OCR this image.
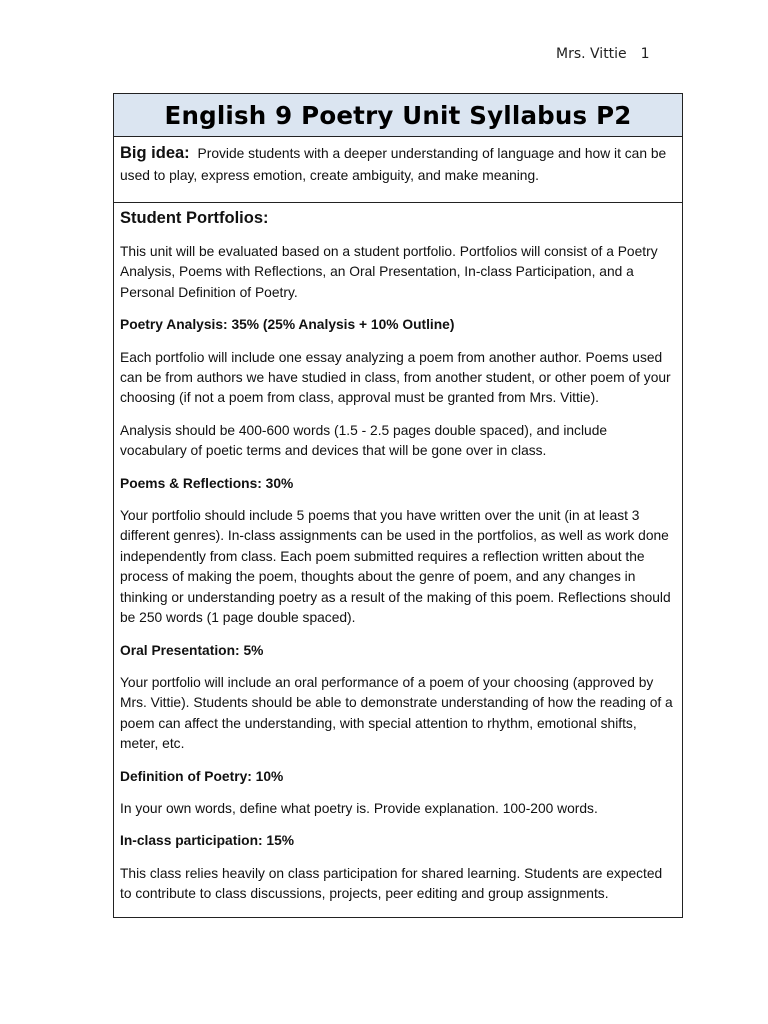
Mrs. Vittie 1
English 9 Poetry Unit Syllabus P2
Big idea: Provide students with a deeper understanding of language and how it can be used to play, express emotion, create ambiguity, and make meaning.
Student Portfolios:

This unit will be evaluated based on a student portfolio. Portfolios will consist of a Poetry Analysis, Poems with Reflections, an Oral Presentation, In-class Participation, and a Personal Definition of Poetry.

Poetry Analysis: 35% (25% Analysis + 10% Outline)

Each portfolio will include one essay analyzing a poem from another author. Poems used can be from authors we have studied in class, from another student, or other poem of your choosing (if not a poem from class, approval must be granted from Mrs. Vittie).

Analysis should be 400-600 words (1.5 - 2.5 pages double spaced), and include vocabulary of poetic terms and devices that will be gone over in class.

Poems & Reflections: 30%

Your portfolio should include 5 poems that you have written over the unit (in at least 3 different genres). In-class assignments can be used in the portfolios, as well as work done independently from class. Each poem submitted requires a reflection written about the process of making the poem, thoughts about the genre of poem, and any changes in thinking or understanding poetry as a result of the making of this poem. Reflections should be 250 words (1 page double spaced).

Oral Presentation: 5%

Your portfolio will include an oral performance of a poem of your choosing (approved by Mrs. Vittie). Students should be able to demonstrate understanding of how the reading of a poem can affect the understanding, with special attention to rhythm, emotional shifts, meter, etc.

Definition of Poetry: 10%

In your own words, define what poetry is. Provide explanation. 100-200 words.

In-class participation: 15%

This class relies heavily on class participation for shared learning. Students are expected to contribute to class discussions, projects, peer editing and group assignments.
